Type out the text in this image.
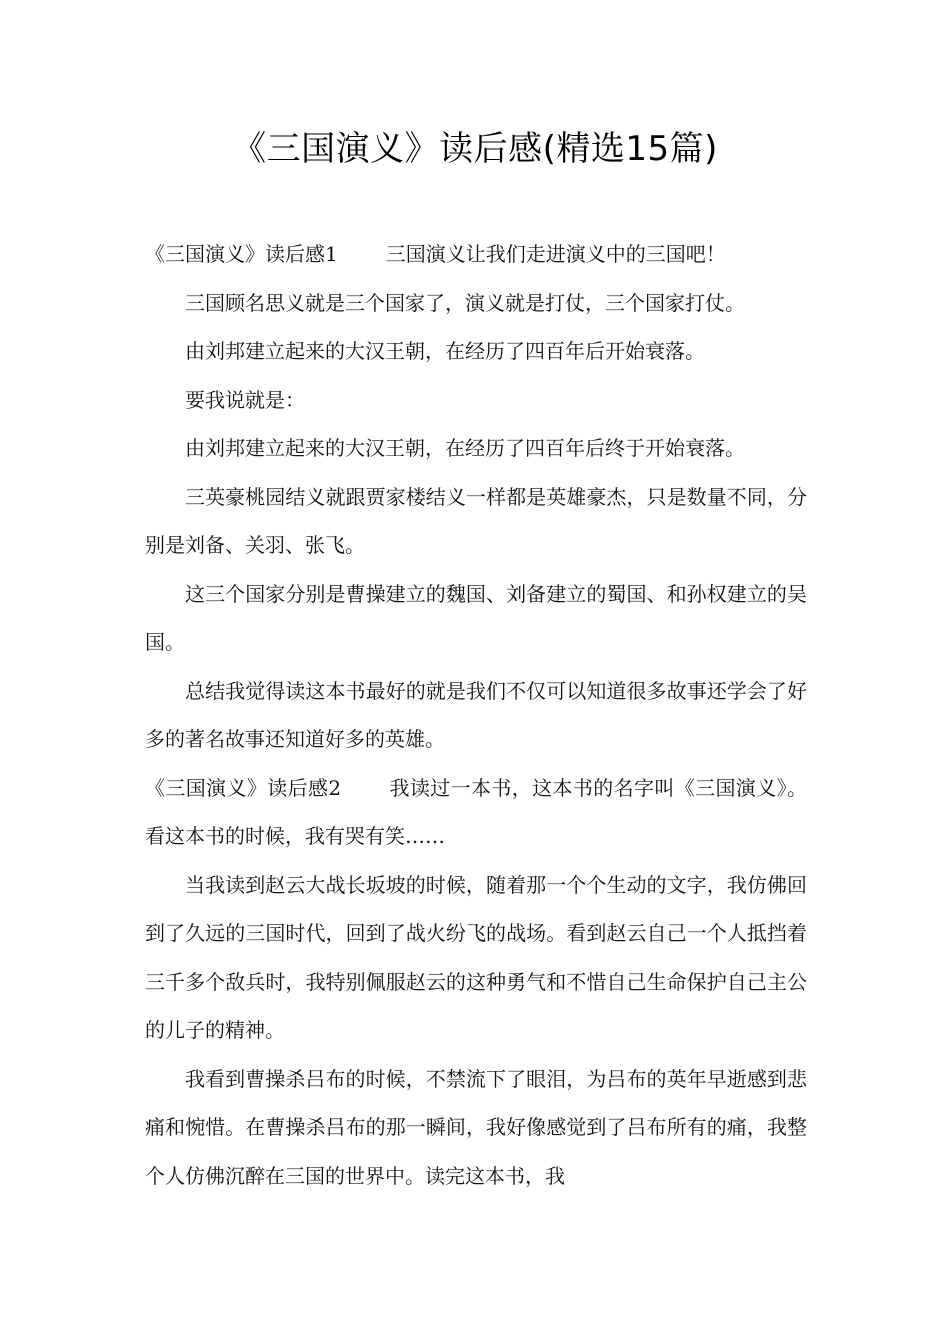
《三国演义》读后感(精选15篇)

《三国演义》读后感1 三国演义让我们走进演义中的三国吧！

三国顾名思义就是三个国家了，演义就是打仗，三个国家打仗。

由刘邦建立起来的大汉王朝，在经历了四百年后开始衰落。

要我说就是：

由刘邦建立起来的大汉王朝，在经历了四百年后终于开始衰落。

三英豪桃园结义就跟贾家楼结义一样都是英雄豪杰，只是数量不同，分别是刘备、关羽、张飞。

这三个国家分别是曹操建立的魏国、刘备建立的蜀国、和孙权建立的吴国。

总结我觉得读这本书最好的就是我们不仅可以知道很多故事还学会了好多的著名故事还知道好多的英雄。

《三国演义》读后感2 我读过一本书，这本书的名字叫《三国演义》。看这本书的时候，我有哭有笑……

当我读到赵云大战长坂坡的时候，随着那一个个生动的文字，我仿佛回到了久远的三国时代，回到了战火纷飞的战场。看到赵云自己一个人抵挡着三千多个敌兵时，我特别佩服赵云的这种勇气和不惜自己生命保护自己主公的儿子的精神。

我看到曹操杀吕布的时候，不禁流下了眼泪，为吕布的英年早逝感到悲痛和惋惜。在曹操杀吕布的那一瞬间，我好像感觉到了吕布所有的痛，我整个人仿佛沉醉在三国的世界中。读完这本书，我
